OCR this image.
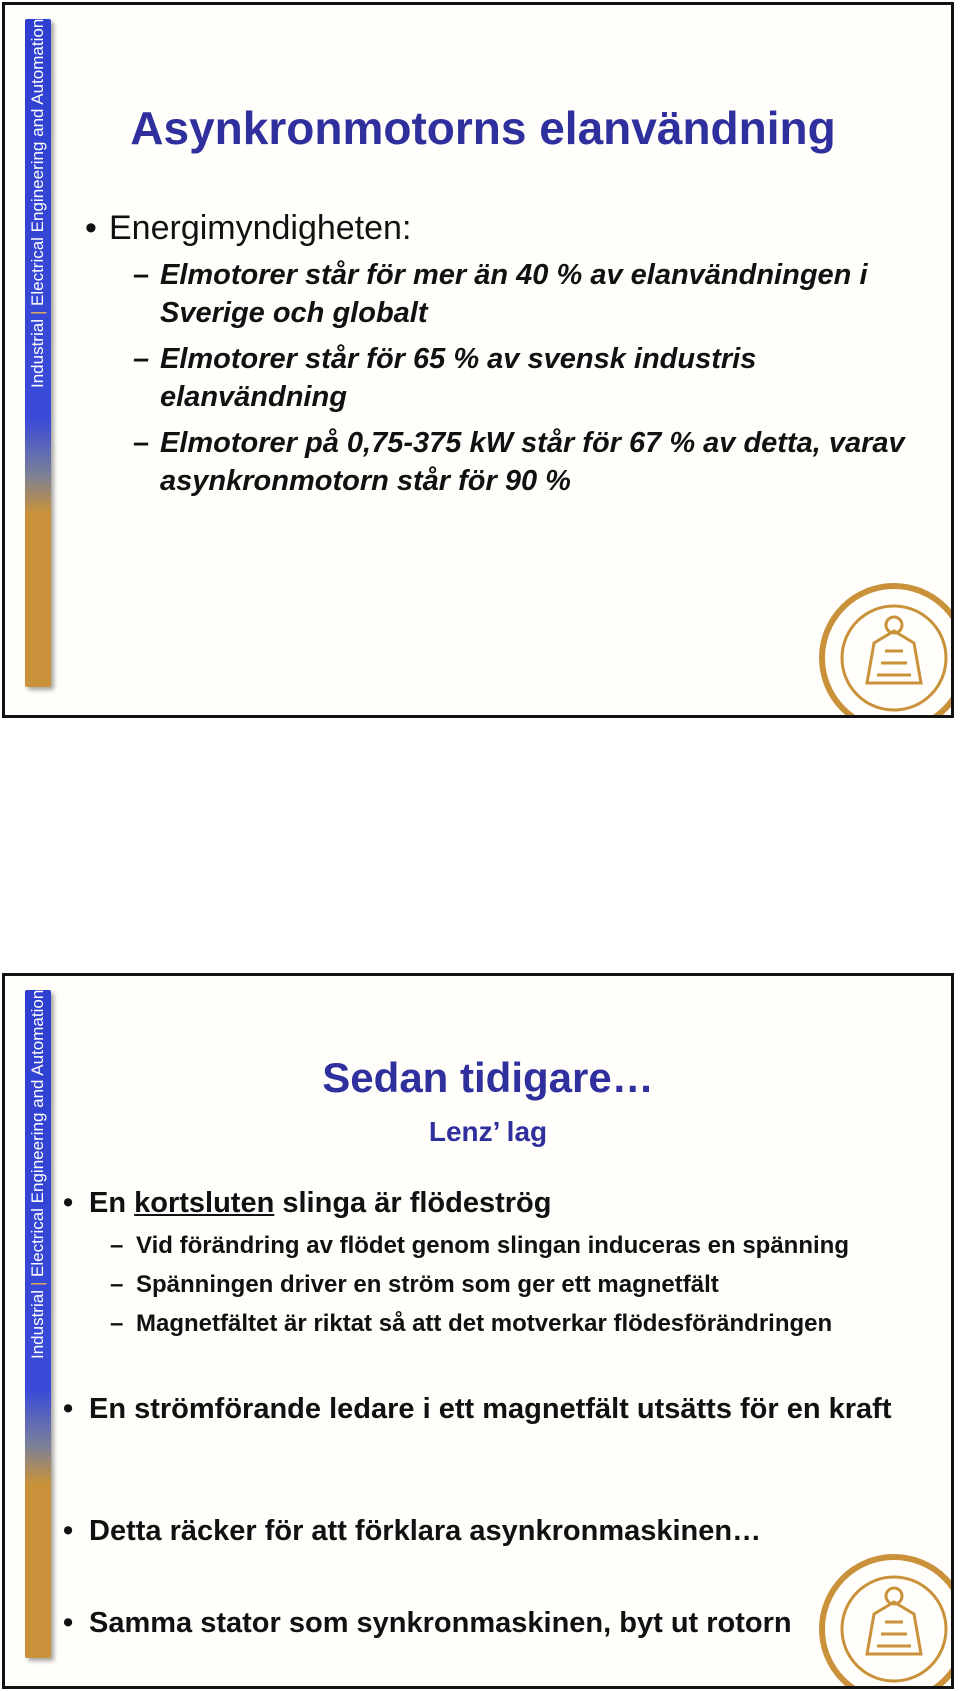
Industrial
|
Electrical Engineering and Automation	Asynkronmotorns elanvändning
• Energimyndigheten:
– Elmotorer står för mer än 40 % av elanvändningen i Sverige och globalt
– Elmotorer står för 65 % av svensk industris elanvändning
– Elmotorer på 0,75-375 kW står för 67 % av detta, varav asynkronmotorn står för 90 %
Industrial
|
Electrical Engineering and Automation	Sedan tidigare…
Lenz’ lag
• En kortsluten slinga är flödeströg
– Vid förändring av flödet genom slingan induceras en spänning
– Spänningen driver en ström som ger ett magnetfält
– Magnetfältet är riktat så att det motverkar flödesförändringen
• En strömförande ledare i ett magnetfält utsätts för en kraft
• Detta räcker för att förklara asynkronmaskinen…
• Samma stator som synkronmaskinen, byt ut rotorn
